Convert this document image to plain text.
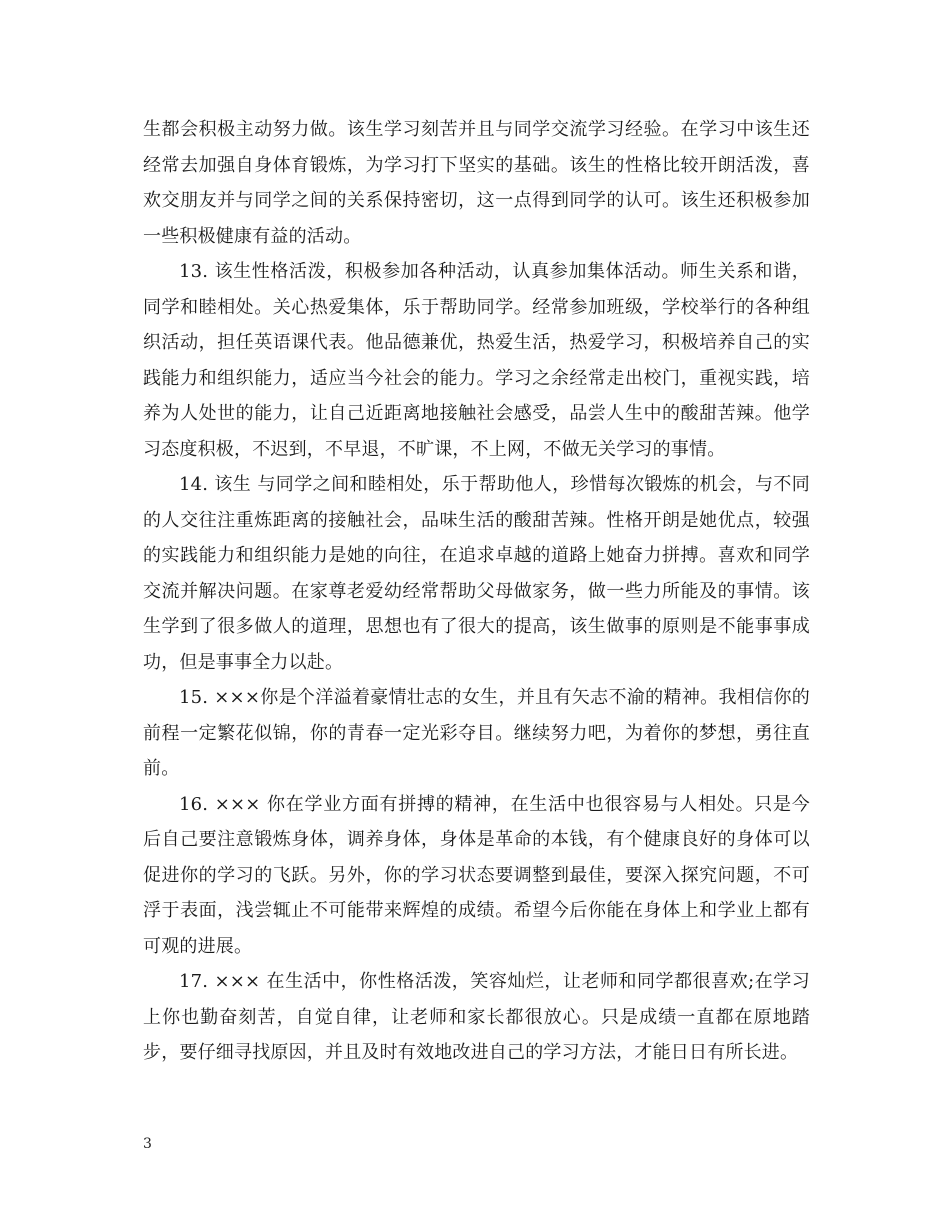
生都会积极主动努力做。该生学习刻苦并且与同学交流学习经验。在学习中该生还经常去加强自身体育锻炼，为学习打下坚实的基础。该生的性格比较开朗活泼，喜欢交朋友并与同学之间的关系保持密切，这一点得到同学的认可。该生还积极参加一些积极健康有益的活动。

13. 该生性格活泼，积极参加各种活动，认真参加集体活动。师生关系和谐，同学和睦相处。关心热爱集体，乐于帮助同学。经常参加班级，学校举行的各种组织活动，担任英语课代表。他品德兼优，热爱生活，热爱学习，积极培养自己的实践能力和组织能力，适应当今社会的能力。学习之余经常走出校门，重视实践，培养为人处世的能力，让自己近距离地接触社会感受，品尝人生中的酸甜苦辣。他学习态度积极，不迟到，不早退，不旷课，不上网，不做无关学习的事情。

14. 该生 与同学之间和睦相处，乐于帮助他人，珍惜每次锻炼的机会，与不同的人交往注重炼距离的接触社会，品味生活的酸甜苦辣。性格开朗是她优点，较强的实践能力和组织能力是她的向往，在追求卓越的道路上她奋力拼搏。喜欢和同学交流并解决问题。在家尊老爱幼经常帮助父母做家务，做一些力所能及的事情。该生学到了很多做人的道理，思想也有了很大的提高，该生做事的原则是不能事事成功，但是事事全力以赴。

15. ×××你是个洋溢着豪情壮志的女生，并且有矢志不渝的精神。我相信你的前程一定繁花似锦，你的青春一定光彩夺目。继续努力吧，为着你的梦想，勇往直前。

16. ××× 你在学业方面有拼搏的精神，在生活中也很容易与人相处。只是今后自己要注意锻炼身体，调养身体，身体是革命的本钱，有个健康良好的身体可以促进你的学习的飞跃。另外，你的学习状态要调整到最佳，要深入探究问题，不可浮于表面，浅尝辄止不可能带来辉煌的成绩。希望今后你能在身体上和学业上都有可观的进展。

17. ××× 在生活中，你性格活泼，笑容灿烂，让老师和同学都很喜欢;在学习上你也勤奋刻苦，自觉自律，让老师和家长都很放心。只是成绩一直都在原地踏步，要仔细寻找原因，并且及时有效地改进自己的学习方法，才能日日有所长进。

3
